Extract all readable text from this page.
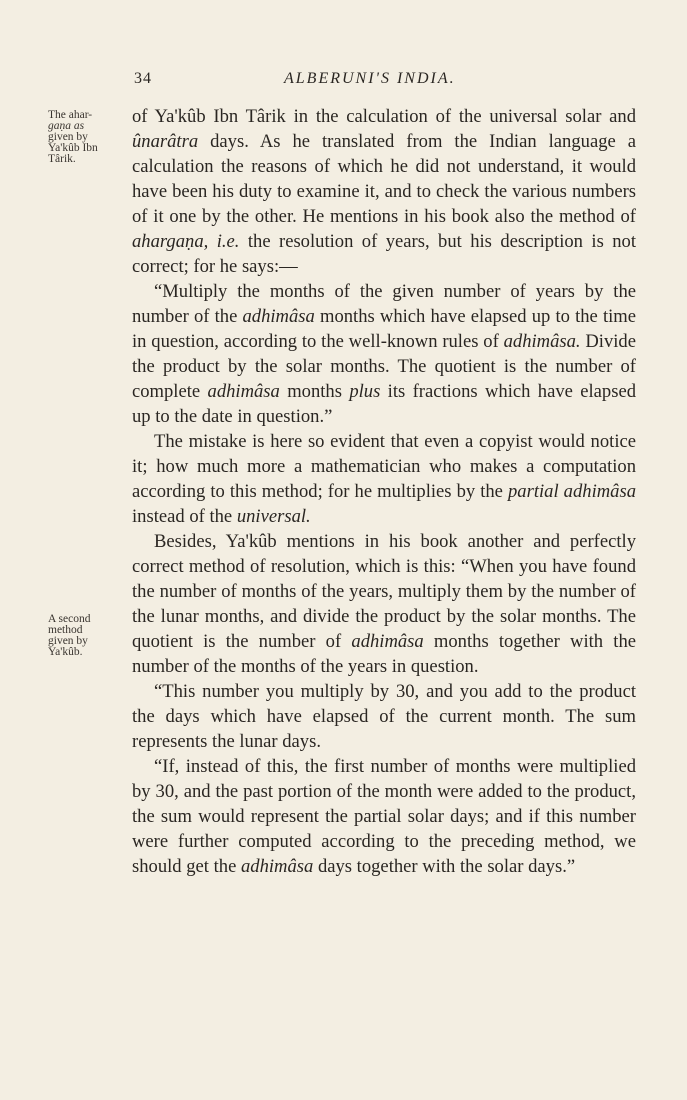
34	ALBERUNI'S INDIA.
The ahar-
gaṇa as
given by
Ya'kûb Ibn
Târik.
A second
method
given by
Ya'kûb.

of Ya'kûb Ibn Târik in the calculation of the universal solar and ûnarâtra days. As he translated from the Indian language a calculation the reasons of which he did not understand, it would have been his duty to examine it, and to check the various numbers of it one by the other. He mentions in his book also the method of ahargaṇa, i.e. the resolution of years, but his description is not correct; for he says:—

“Multiply the months of the given number of years by the number of the adhimâsa months which have elapsed up to the time in question, according to the well-known rules of adhimâsa. Divide the product by the solar months. The quotient is the number of complete adhimâsa months plus its fractions which have elapsed up to the date in question.”

The mistake is here so evident that even a copyist would notice it; how much more a mathematician who makes a computation according to this method; for he multiplies by the partial adhimâsa instead of the universal.

Besides, Ya'kûb mentions in his book another and perfectly correct method of resolution, which is this: “When you have found the number of months of the years, multiply them by the number of the lunar months, and divide the product by the solar months. The quotient is the number of adhimâsa months together with the number of the months of the years in question.

“This number you multiply by 30, and you add to the product the days which have elapsed of the current month. The sum represents the lunar days.

“If, instead of this, the first number of months were multiplied by 30, and the past portion of the month were added to the product, the sum would represent the partial solar days; and if this number were further computed according to the preceding method, we should get the adhimâsa days together with the solar days.”
